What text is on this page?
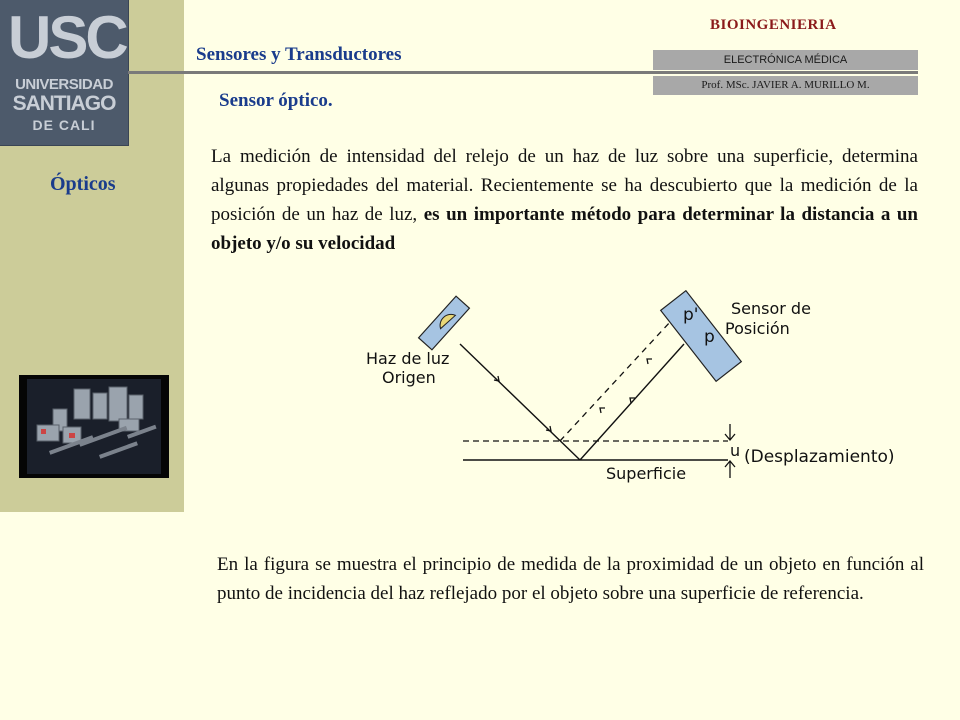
USC
UNIVERSIDAD
SANTIAGO
DE CALI
Ópticos
Sensores y Transductores
BIOINGENIERIA
ELECTRÓNICA MÉDICA
Prof. MSc. JAVIER A. MURILLO M.
Sensor óptico.
La medición de intensidad del relejo de un haz de luz sobre una superficie, determina algunas propiedades del material. Recientemente se ha descubierto que la medición de la posición de un haz de luz, es un importante método para determinar la distancia a un objeto y/o su velocidad
Haz de luz
Origen
Sensor de
Posición
p'
p
u (Desplazamiento)
Superficie
En la figura se muestra el principio de medida de la proximidad de un objeto en función al punto de incidencia del haz reflejado por el objeto sobre una superficie de referencia.
